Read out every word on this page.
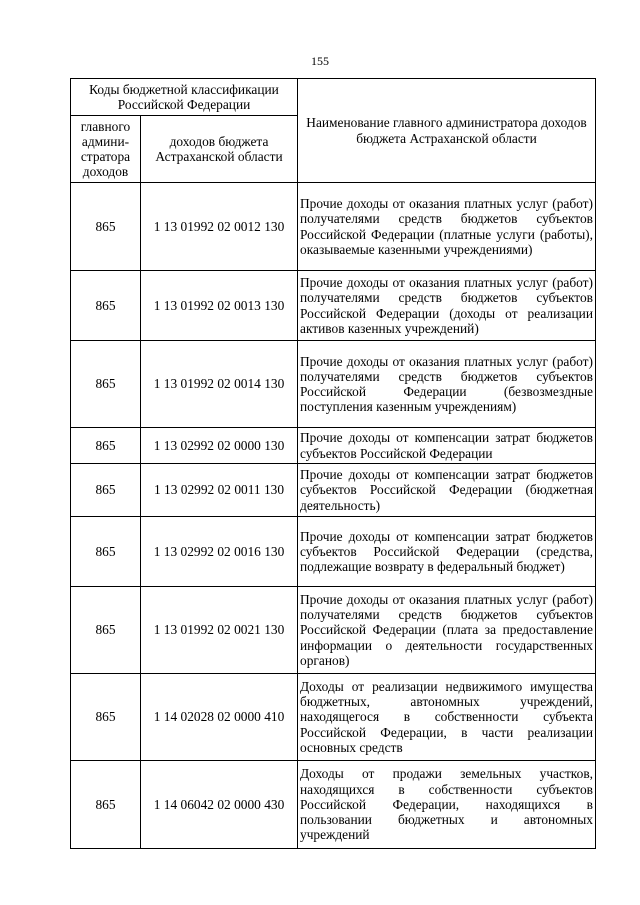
155
Коды бюджетной классификации Российской Федерации		Наименование главного администратора доходов бюджета Астраханской области
главного админи-стратора доходов	доходов бюджета Астраханской области	
865	1 13 01992 02 0012 130	Прочие доходы от оказания платных услуг (работ) получателями средств бюджетов субъектов Российской Федерации (платные услуги (работы), оказываемые казенными учреждениями)
865	1 13 01992 02 0013 130	Прочие доходы от оказания платных услуг (работ) получателями средств бюджетов субъектов Российской Федерации (доходы от реализации активов казенных учреждений)
865	1 13 01992 02 0014 130	Прочие доходы от оказания платных услуг (работ) получателями средств бюджетов субъектов Российской Федерации (безвозмездные поступления казенным учреждениям)
865	1 13 02992 02 0000 130	Прочие доходы от компенсации затрат бюджетов субъектов Российской Федерации
865	1 13 02992 02 0011 130	Прочие доходы от компенсации затрат бюджетов субъектов Российской Федерации (бюджетная деятельность)
865	1 13 02992 02 0016 130	Прочие доходы от компенсации затрат бюджетов субъектов Российской Федерации (средства, подлежащие возврату в федеральный бюджет)
865	1 13 01992 02 0021 130	Прочие доходы от оказания платных услуг (работ) получателями средств бюджетов субъектов Российской Федерации (плата за предоставление информации о деятельности государственных органов)
865	1 14 02028 02 0000 410	Доходы от реализации недвижимого имущества бюджетных, автономных учреждений, находящегося в собственности субъекта Российской Федерации, в части реализации основных средств
865	1 14 06042 02 0000 430	Доходы от продажи земельных участков, находящихся в собственности субъектов Российской Федерации, находящихся в пользовании бюджетных и автономных учреждений
